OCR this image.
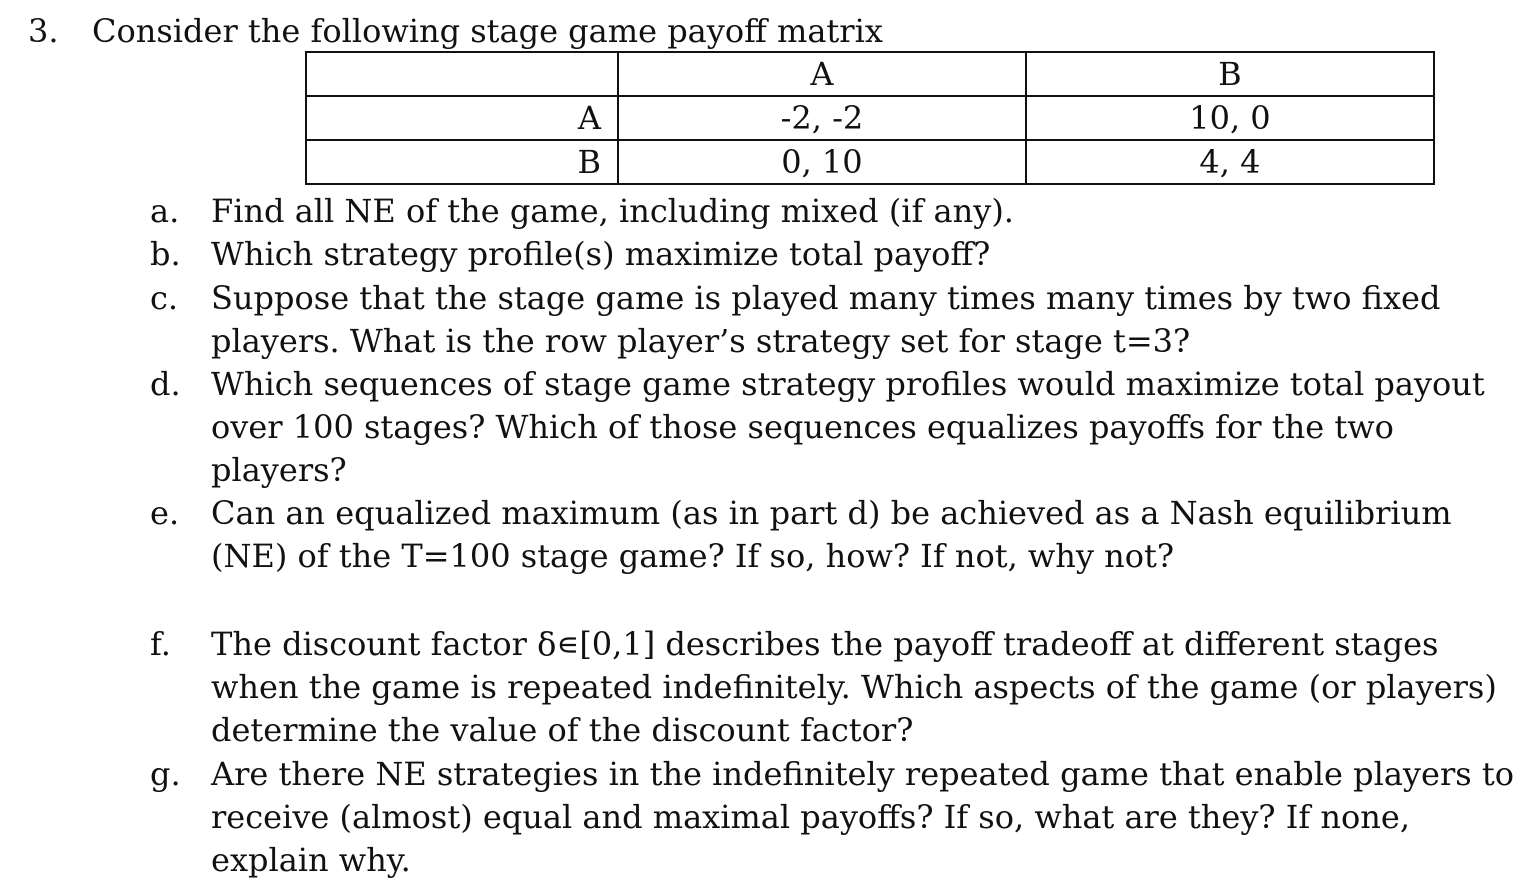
3. Consider the following stage game payoff matrix
	A	B
A	-2, -2	10, 0
B	0, 10	4, 4
a. Find all NE of the game, including mixed (if any).
b. Which strategy profile(s) maximize total payoff?
c. Suppose that the stage game is played many times many times by two fixed
players. What is the row player’s strategy set for stage t=3?
d. Which sequences of stage game strategy profiles would maximize total payout
over 100 stages? Which of those sequences equalizes payoffs for the two
players?
e. Can an equalized maximum (as in part d) be achieved as a Nash equilibrium
(NE) of the T=100 stage game? If so, how? If not, why not?
f. The discount factor δ∊[0,1] describes the payoff tradeoff at different stages
when the game is repeated indefinitely. Which aspects of the game (or players)
determine the value of the discount factor?
g. Are there NE strategies in the indefinitely repeated game that enable players to
receive (almost) equal and maximal payoffs? If so, what are they? If none,
explain why.
